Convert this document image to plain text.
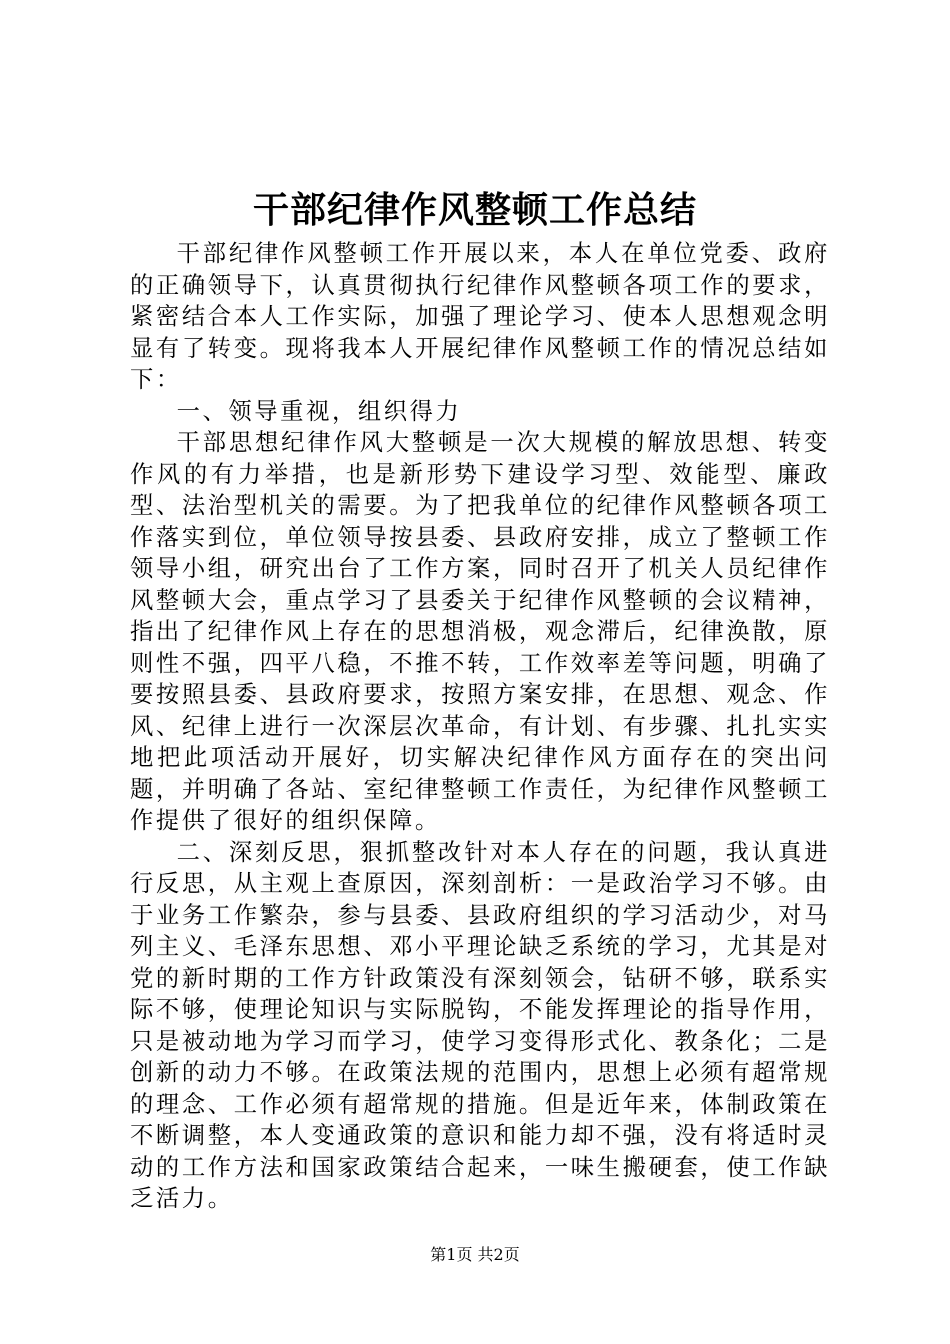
干部纪律作风整顿工作总结

干部纪律作风整顿工作开展以来，本人在单位党委、政府的正确领导下，认真贯彻执行纪律作风整顿各项工作的要求，紧密结合本人工作实际，加强了理论学习、使本人思想观念明显有了转变。现将我本人开展纪律作风整顿工作的情况总结如下：

一、领导重视，组织得力

干部思想纪律作风大整顿是一次大规模的解放思想、转变作风的有力举措，也是新形势下建设学习型、效能型、廉政型、法治型机关的需要。为了把我单位的纪律作风整顿各项工作落实到位，单位领导按县委、县政府安排，成立了整顿工作领导小组，研究出台了工作方案，同时召开了机关人员纪律作风整顿大会，重点学习了县委关于纪律作风整顿的会议精神，指出了纪律作风上存在的思想消极，观念滞后，纪律涣散，原则性不强，四平八稳，不推不转，工作效率差等问题，明确了要按照县委、县政府要求，按照方案安排，在思想、观念、作风、纪律上进行一次深层次革命，有计划、有步骤、扎扎实实地把此项活动开展好，切实解决纪律作风方面存在的突出问题，并明确了各站、室纪律整顿工作责任，为纪律作风整顿工作提供了很好的组织保障。

二、深刻反思，狠抓整改针对本人存在的问题，我认真进行反思，从主观上查原因，深刻剖析：一是政治学习不够。由于业务工作繁杂，参与县委、县政府组织的学习活动少，对马列主义、毛泽东思想、邓小平理论缺乏系统的学习，尤其是对党的新时期的工作方针政策没有深刻领会，钻研不够，联系实际不够，使理论知识与实际脱钩，不能发挥理论的指导作用，只是被动地为学习而学习，使学习变得形式化、教条化；二是创新的动力不够。在政策法规的范围内，思想上必须有超常规的理念、工作必须有超常规的措施。但是近年来，体制政策在不断调整，本人变通政策的意识和能力却不强，没有将适时灵动的工作方法和国家政策结合起来，一味生搬硬套，使工作缺乏活力。

第1页 共2页
